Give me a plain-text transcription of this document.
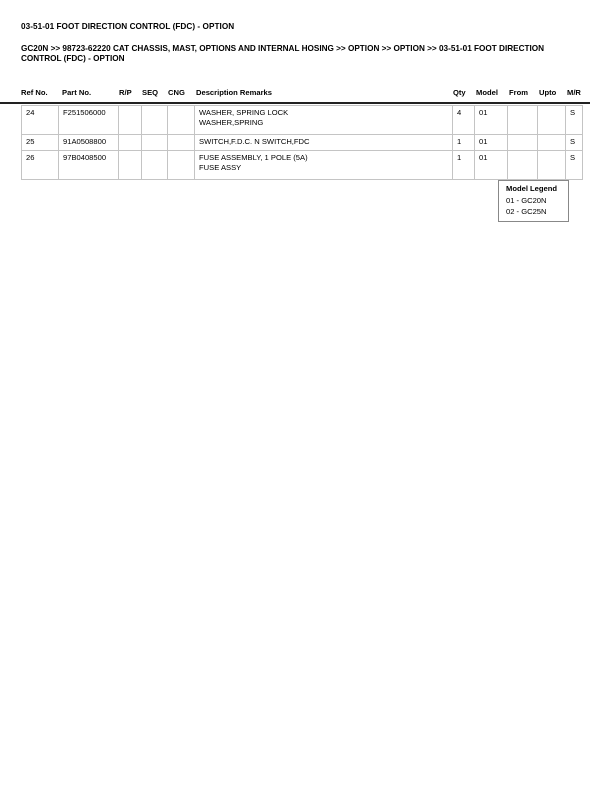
03-51-01 FOOT DIRECTION CONTROL (FDC) - OPTION
GC20N >> 98723-62220 CAT CHASSIS, MAST, OPTIONS AND INTERNAL HOSING >> OPTION >> OPTION >> 03-51-01 FOOT DIRECTION CONTROL (FDC) - OPTION
Ref No. Part No.	R/P SEQ CNG Description Remarks	Qty Model From Upto M/R
24	F251506000				WASHER, SPRING LOCK
WASHER,SPRING	4	01			S
25	91A0508800				SWITCH,F.D.C. N SWITCH,FDC	1	01			S
26	97B0408500				FUSE ASSEMBLY, 1 POLE (5A)
FUSE ASSY	1	01			S
Model Legend
01 - GC20N
02 - GC25N
